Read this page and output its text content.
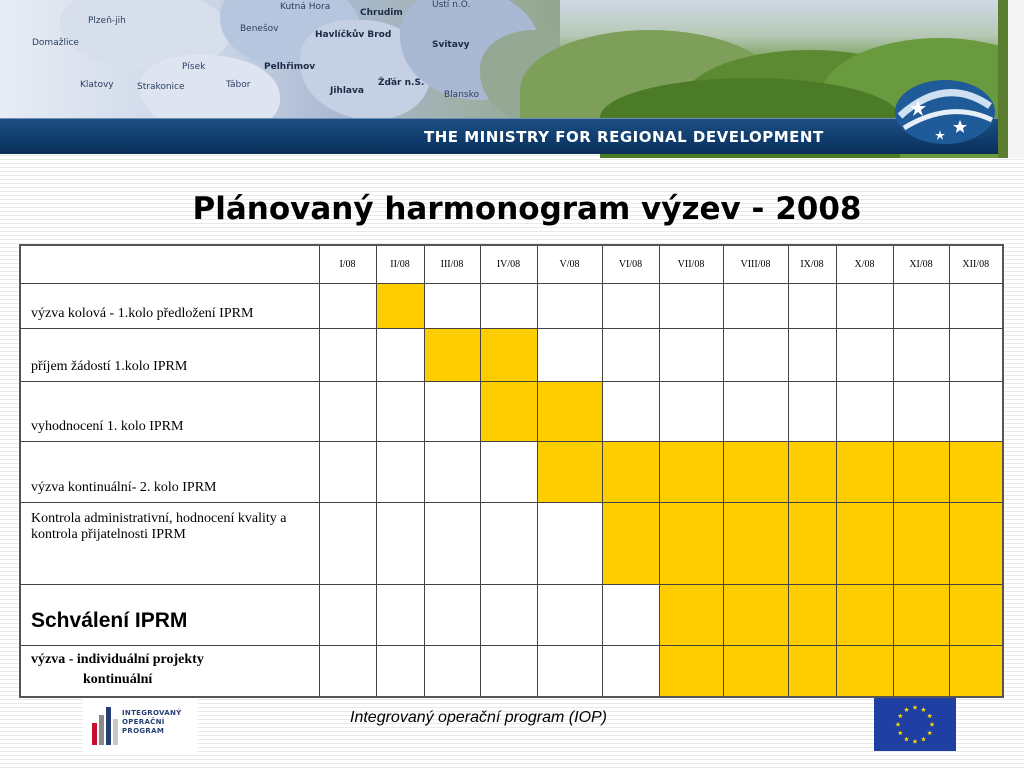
Plzeň-jih
Domažlice
Klatovy	Strakonice
Písek
Tábor
Benešov
Pelhřimov
Kutná Hora
Chrudim
Havlíčkův Brod
Svitavy
Jihlava
Žďár n.S.
Blansko
Ústí n.O.
THE MINISTRY FOR REGIONAL DEVELOPMENT
Plánovaný harmonogram výzev - 2008
	I/08	II/08	III/08	IV/08	V/08	VI/08	VII/08	VIII/08	IX/08	X/08	XI/08	XII/08
výzva kolová - 1.kolo předložení IPRM												
příjem žádostí 1.kolo IPRM												
vyhodnocení 1. kolo IPRM												
výzva kontinuální- 2. kolo IPRM												
Kontrola administrativní, hodnocení kvality a kontrola přijatelnosti IPRM												
Schválení IPRM												

výzva - individuální projekty
kontinuální												

INTEGROVANÝ
OPERAČNÍ
PROGRAM
Integrovaný operační program (IOP)
